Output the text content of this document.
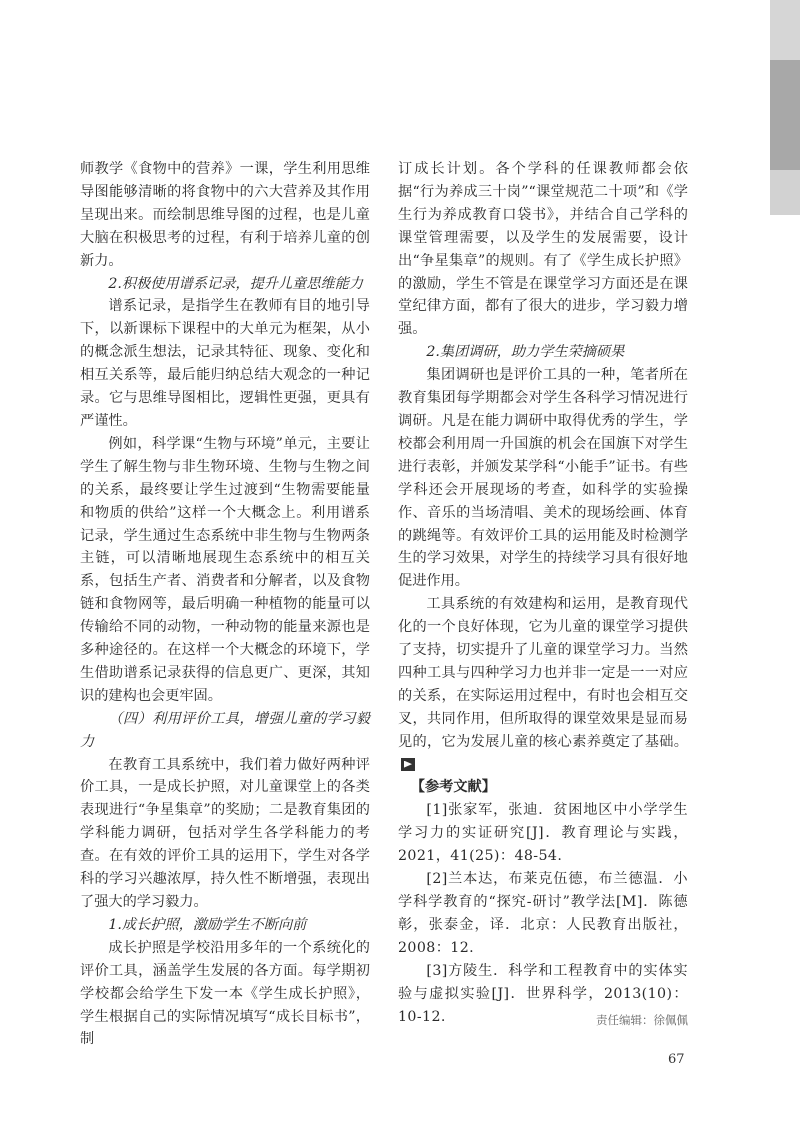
师教学《食物中的营养》一课，学生利用思维导图能够清晰的将食物中的六大营养及其作用呈现出来。而绘制思维导图的过程，也是儿童大脑在积极思考的过程，有利于培养儿童的创新力。

2.积极使用谱系记录，提升儿童思维能力

谱系记录，是指学生在教师有目的地引导下，以新课标下课程中的大单元为框架，从小的概念派生想法，记录其特征、现象、变化和相互关系等，最后能归纳总结大观念的一种记录。它与思维导图相比，逻辑性更强，更具有严谨性。

例如，科学课“生物与环境”单元，主要让学生了解生物与非生物环境、生物与生物之间的关系，最终要让学生过渡到“生物需要能量和物质的供给”这样一个大概念上。利用谱系记录，学生通过生态系统中非生物与生物两条主链，可以清晰地展现生态系统中的相互关系，包括生产者、消费者和分解者，以及食物链和食物网等，最后明确一种植物的能量可以传输给不同的动物，一种动物的能量来源也是多种途径的。在这样一个大概念的环境下，学生借助谱系记录获得的信息更广、更深，其知识的建构也会更牢固。

（四）利用评价工具，增强儿童的学习毅力

在教育工具系统中，我们着力做好两种评价工具，一是成长护照，对儿童课堂上的各类表现进行“争星集章”的奖励；二是教育集团的学科能力调研，包括对学生各学科能力的考查。在有效的评价工具的运用下，学生对各学科的学习兴趣浓厚，持久性不断增强，表现出了强大的学习毅力。

1.成长护照，激励学生不断向前

成长护照是学校沿用多年的一个系统化的评价工具，涵盖学生发展的各方面。每学期初学校都会给学生下发一本《学生成长护照》，学生根据自己的实际情况填写“成长目标书”，制

订成长计划。各个学科的任课教师都会依据“行为养成三十岗”“课堂规范二十项”和《学生行为养成教育口袋书》，并结合自己学科的课堂管理需要，以及学生的发展需要，设计出“争星集章”的规则。有了《学生成长护照》的激励，学生不管是在课堂学习方面还是在课堂纪律方面，都有了很大的进步，学习毅力增强。

2.集团调研，助力学生荣摘硕果

集团调研也是评价工具的一种，笔者所在教育集团每学期都会对学生各科学习情况进行调研。凡是在能力调研中取得优秀的学生，学校都会利用周一升国旗的机会在国旗下对学生进行表彰，并颁发某学科“小能手”证书。有些学科还会开展现场的考查，如科学的实验操作、音乐的当场清唱、美术的现场绘画、体育的跳绳等。有效评价工具的运用能及时检测学生的学习效果，对学生的持续学习具有很好地促进作用。

工具系统的有效建构和运用，是教育现代化的一个良好体现，它为儿童的课堂学习提供了支持，切实提升了儿童的课堂学习力。当然四种工具与四种学习力也并非一定是一一对应的关系，在实际运用过程中，有时也会相互交叉，共同作用，但所取得的课堂效果是显而易见的，它为发展儿童的核心素养奠定了基础。

【参考文献】

[1]张家军，张迪．贫困地区中小学学生学习力的实证研究[J]．教育理论与实践，2021，41(25)：48-54.

[2]兰本达，布莱克伍德，布兰德温．小学科学教育的“探究-研讨”教学法[M]．陈德彰，张泰金，译．北京：人民教育出版社，2008：12.

[3]方陵生．科学和工程教育中的实体实验与虚拟实验[J]．世界科学，2013(10)：10-12.	责任编辑：徐佩佩
67
